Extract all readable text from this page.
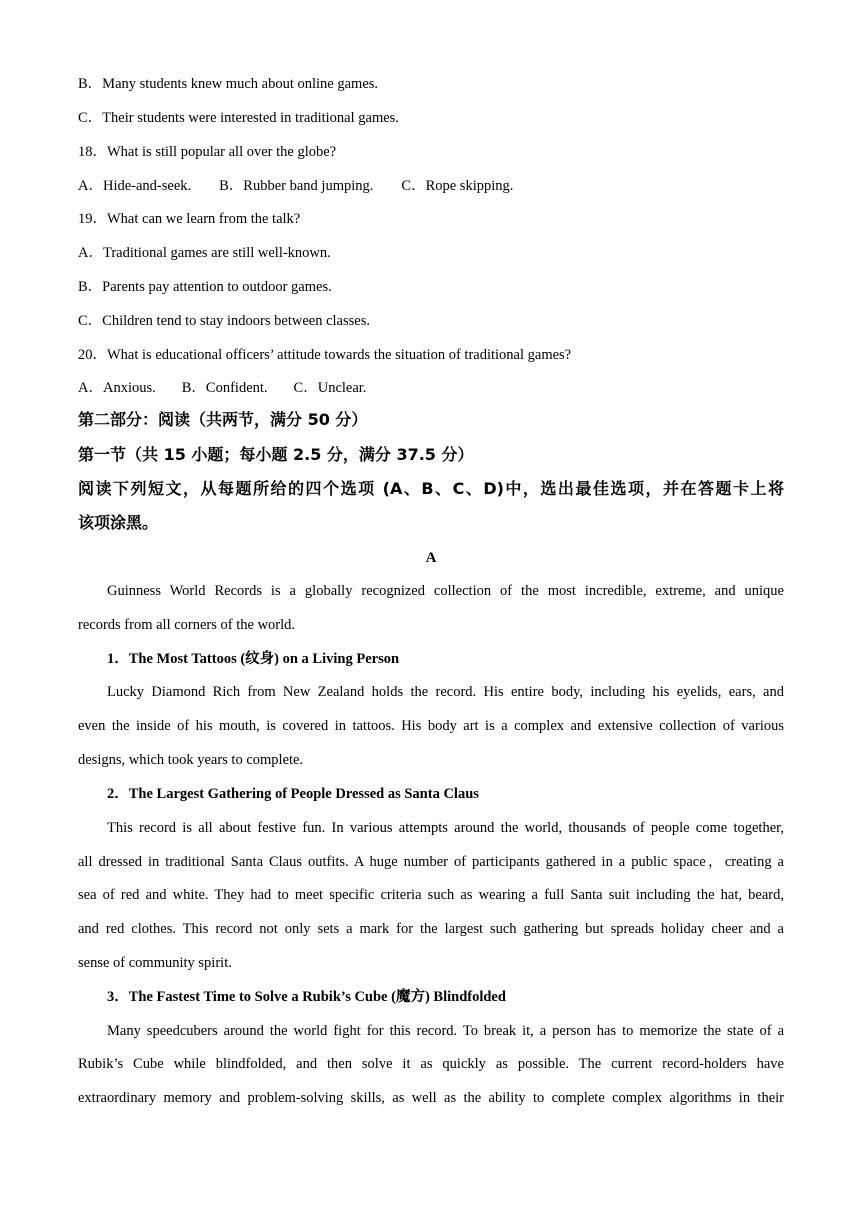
B．Many students knew much about online games.
C．Their students were interested in traditional games.
18．What is still popular all over the globe?
A．Hide-and-seek. B．Rubber band jumping. C．Rope skipping.
19．What can we learn from the talk?
A．Traditional games are still well-known.
B．Parents pay attention to outdoor games.
C．Children tend to stay indoors between classes.
20．What is educational officers’ attitude towards the situation of traditional games?
A．Anxious. B．Confident. C．Unclear.
第二部分：阅读（共两节，满分 50 分）
第一节（共 15 小题；每小题 2.5 分，满分 37.5 分）
阅读下列短文，从每题所给的四个选项 (A、B、C、D)中，选出最佳选项，并在答题卡上将
该项涂黑。
A
Guinness World Records is a globally recognized collection of the most incredible, extreme, and unique
records from all corners of the world.
1．The Most Tattoos (纹身) on a Living Person
Lucky Diamond Rich from New Zealand holds the record. His entire body, including his eyelids, ears, and
even the inside of his mouth, is covered in tattoos. His body art is a complex and extensive collection of various
designs, which took years to complete.
2．The Largest Gathering of People Dressed as Santa Claus
This record is all about festive fun. In various attempts around the world, thousands of people come together,
all dressed in traditional Santa Claus outfits. A huge number of participants gathered in a public space，creating a
sea of red and white. They had to meet specific criteria such as wearing a full Santa suit including the hat, beard,
and red clothes. This record not only sets a mark for the largest such gathering but spreads holiday cheer and a
sense of community spirit.
3．The Fastest Time to Solve a Rubik’s Cube (魔方) Blindfolded
Many speedcubers around the world fight for this record. To break it, a person has to memorize the state of a
Rubik’s Cube while blindfolded, and then solve it as quickly as possible. The current record-holders have
extraordinary memory and problem-solving skills, as well as the ability to complete complex algorithms in their
